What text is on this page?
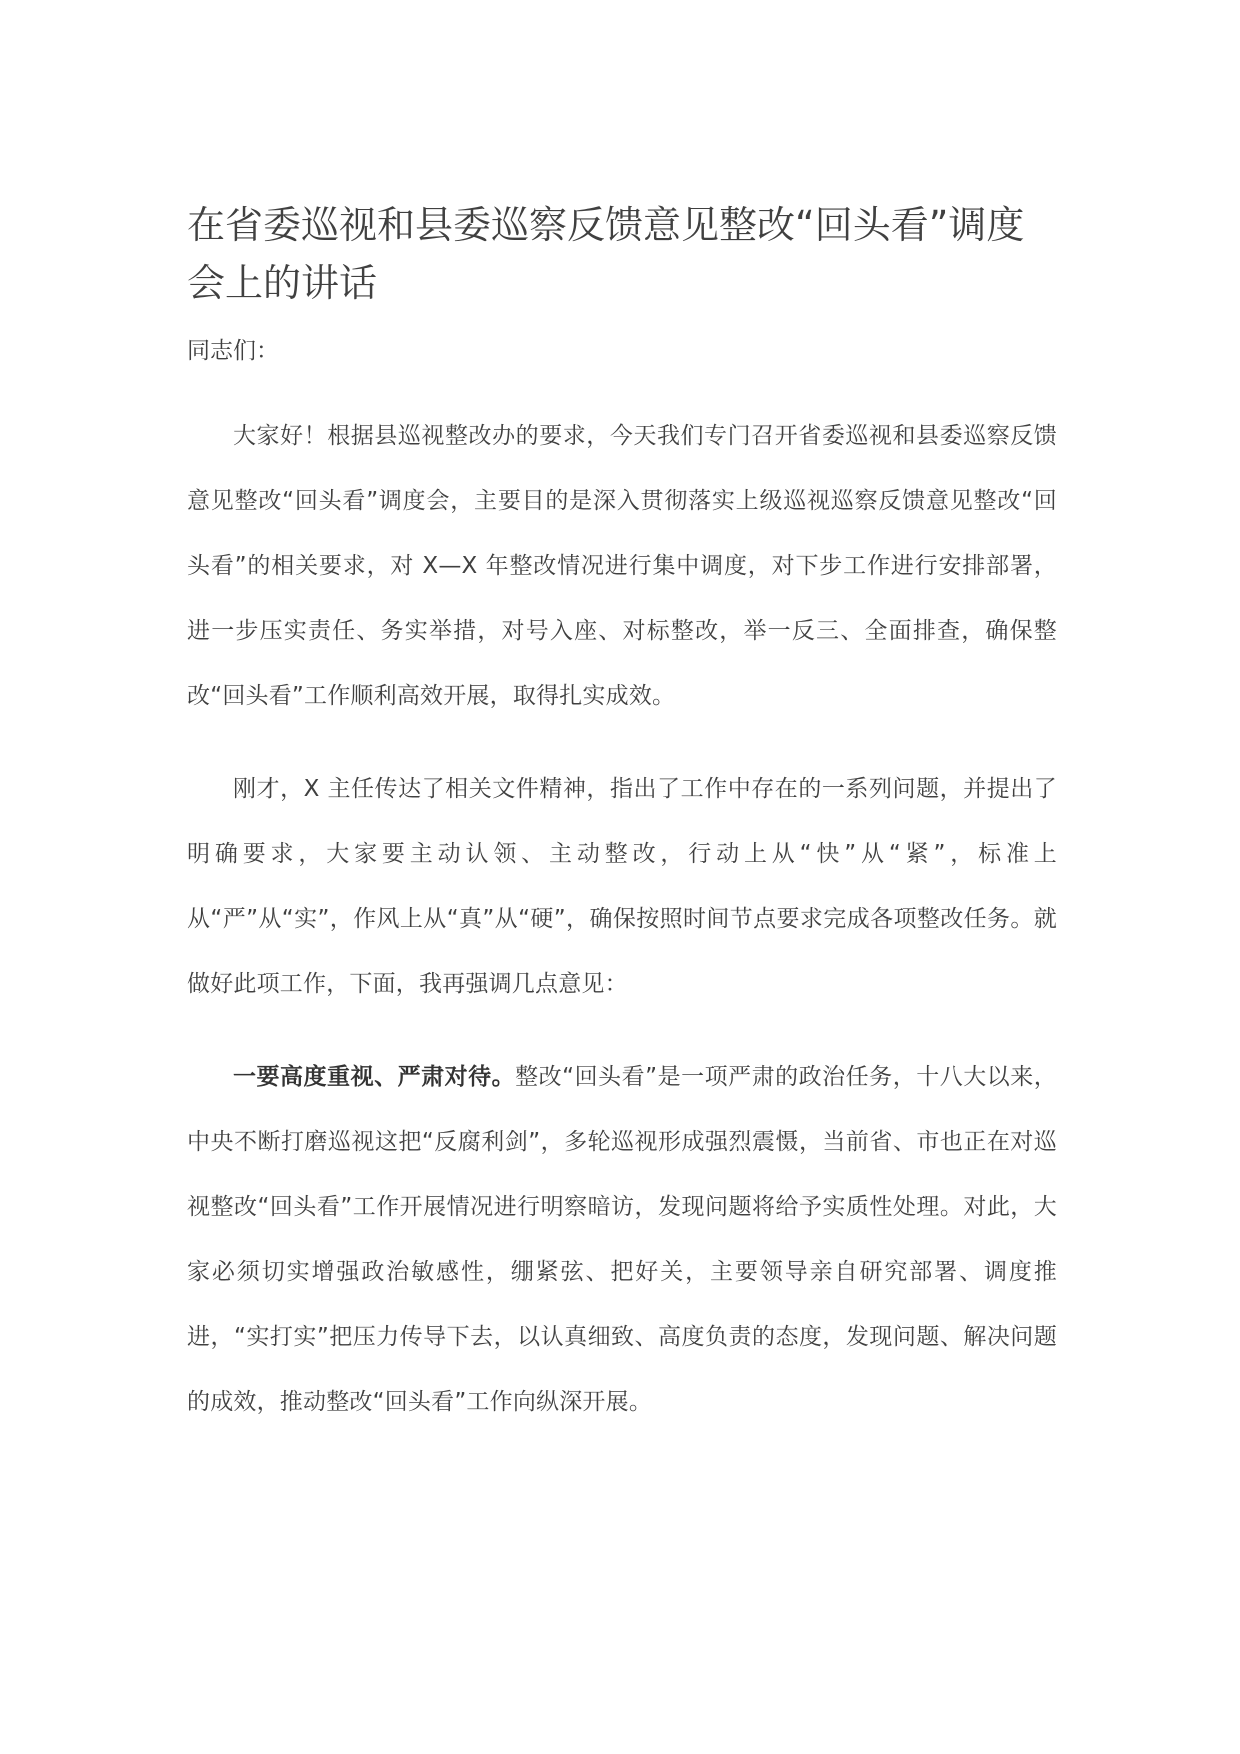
在省委巡视和县委巡察反馈意见整改“回头看”调度会上的讲话
同志们：

大家好！根据县巡视整改办的要求，今天我们专门召开省委巡视和县委巡察反馈意见整改“回头看”调度会，主要目的是深入贯彻落实上级巡视巡察反馈意见整改“回头看”的相关要求，对 X—X 年整改情况进行集中调度，对下步工作进行安排部署，进一步压实责任、务实举措，对号入座、对标整改，举一反三、全面排查，确保整改“回头看”工作顺利高效开展，取得扎实成效。

刚才，X 主任传达了相关文件精神，指出了工作中存在的一系列问题，并提出了明确要求，大家要主动认领、主动整改，行动上从“快”从“紧”，标准上从“严”从“实”，作风上从“真”从“硬”，确保按照时间节点要求完成各项整改任务。就做好此项工作，下面，我再强调几点意见：

一要高度重视、严肃对待。整改“回头看”是一项严肃的政治任务，十八大以来，中央不断打磨巡视这把“反腐利剑”，多轮巡视形成强烈震慑，当前省、市也正在对巡视整改“回头看”工作开展情况进行明察暗访，发现问题将给予实质性处理。对此，大家必须切实增强政治敏感性，绷紧弦、把好关，主要领导亲自研究部署、调度推进，“实打实”把压力传导下去，以认真细致、高度负责的态度，发现问题、解决问题的成效，推动整改“回头看”工作向纵深开展。
